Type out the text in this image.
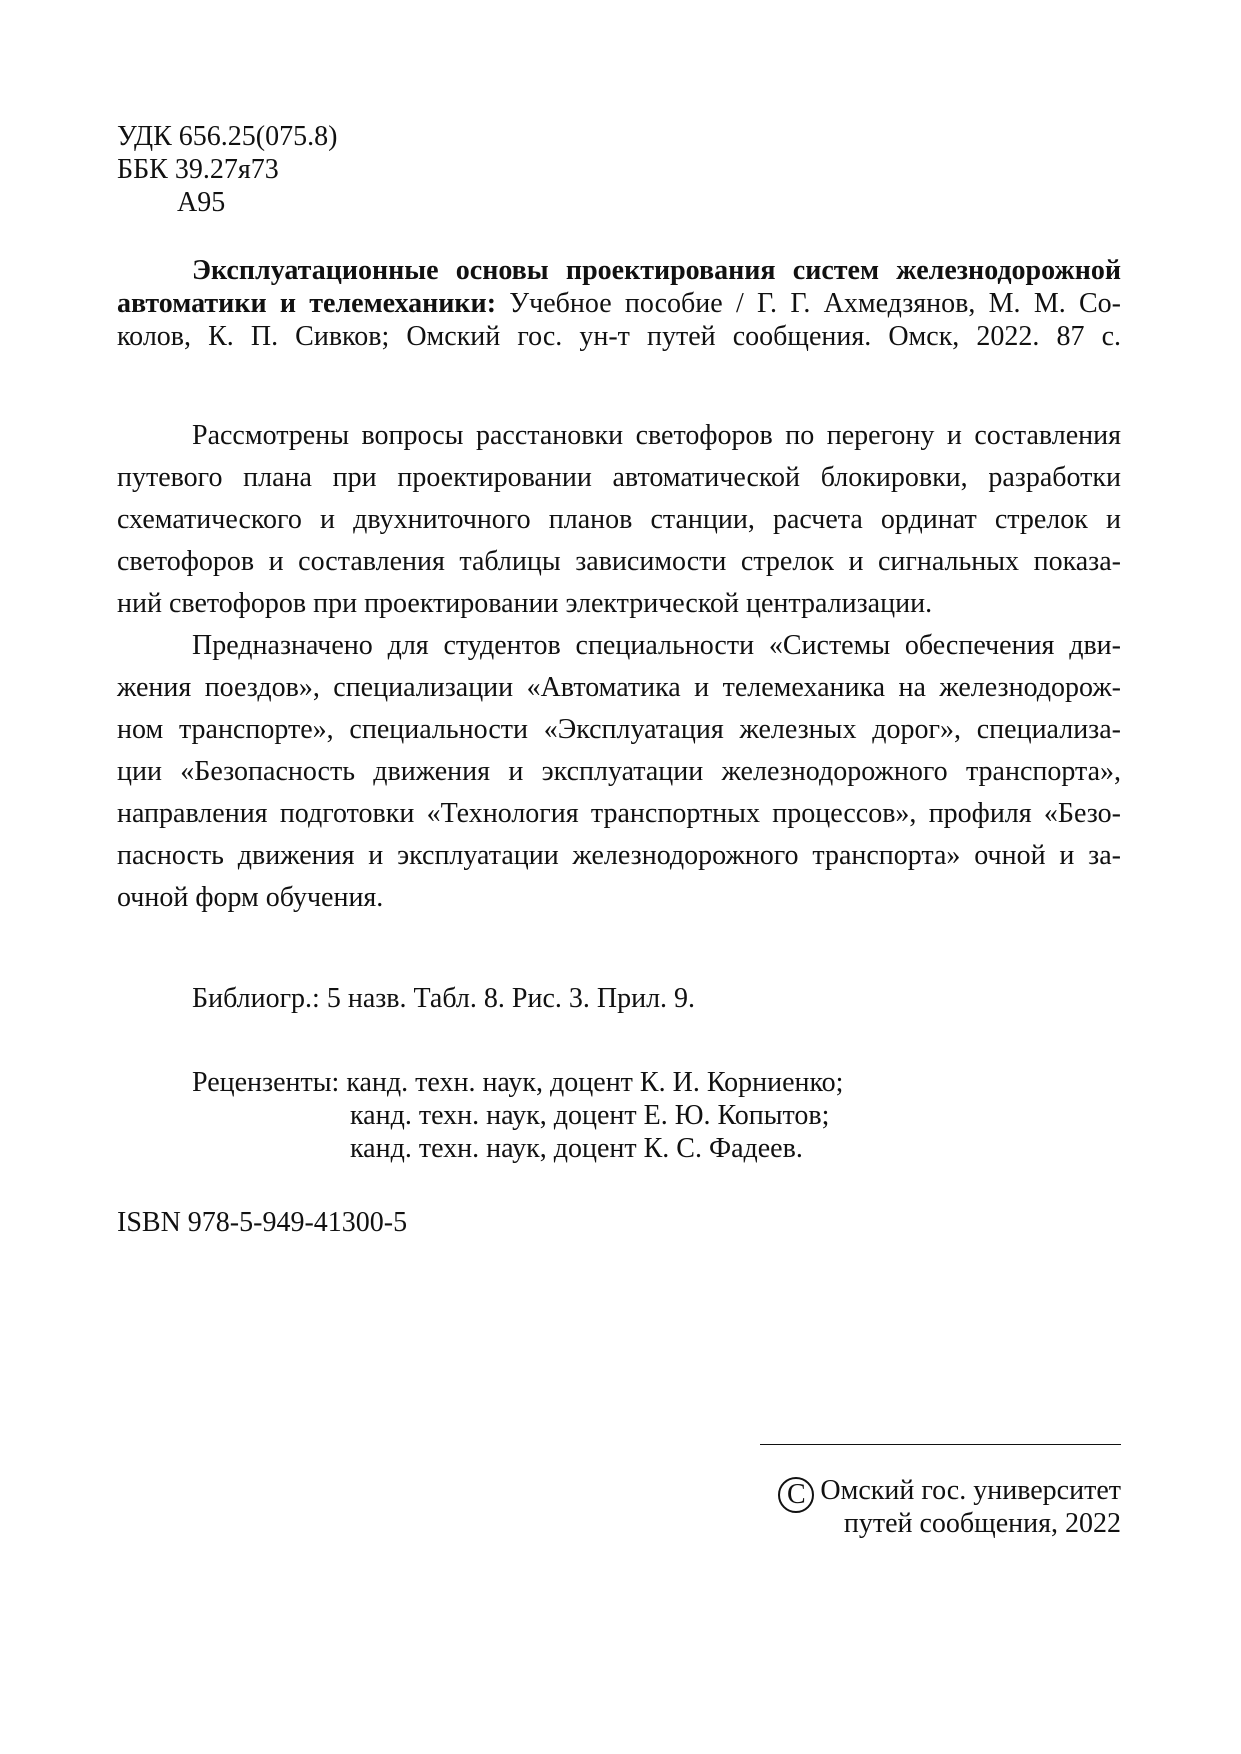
УДК 656.25(075.8)
ББК 39.27я73
А95
Эксплуатационные основы проектирования систем железнодорожной
автоматики и телемеханики: Учебное пособие / Г. Г. Ахмедзянов, М. М. Со-
колов, К. П. Сивков; Омский гос. ун-т путей сообщения. Омск, 2022. 87 с.
Рассмотрены вопросы расстановки светофоров по перегону и составления
путевого плана при проектировании автоматической блокировки, разработки
схематического и двухниточного планов станции, расчета ординат стрелок и
светофоров и составления таблицы зависимости стрелок и сигнальных показа-
ний светофоров при проектировании электрической централизации.
Предназначено для студентов специальности «Системы обеспечения дви-
жения поездов», специализации «Автоматика и телемеханика на железнодорож-
ном транспорте», специальности «Эксплуатация железных дорог», специализа-
ции «Безопасность движения и эксплуатации железнодорожного транспорта»,
направления подготовки «Технология транспортных процессов», профиля «Безо-
пасность движения и эксплуатации железнодорожного транспорта» очной и за-
очной форм обучения.
Библиогр.: 5 назв. Табл. 8. Рис. 3. Прил. 9.
Рецензенты: канд. техн. наук, доцент К. И. Корниенко;
канд. техн. наук, доцент Е. Ю. Копытов;
канд. техн. наук, доцент К. С. Фадеев.
ISBN 978-5-949-41300-5
C Омский гос. университет
путей сообщения, 2022
